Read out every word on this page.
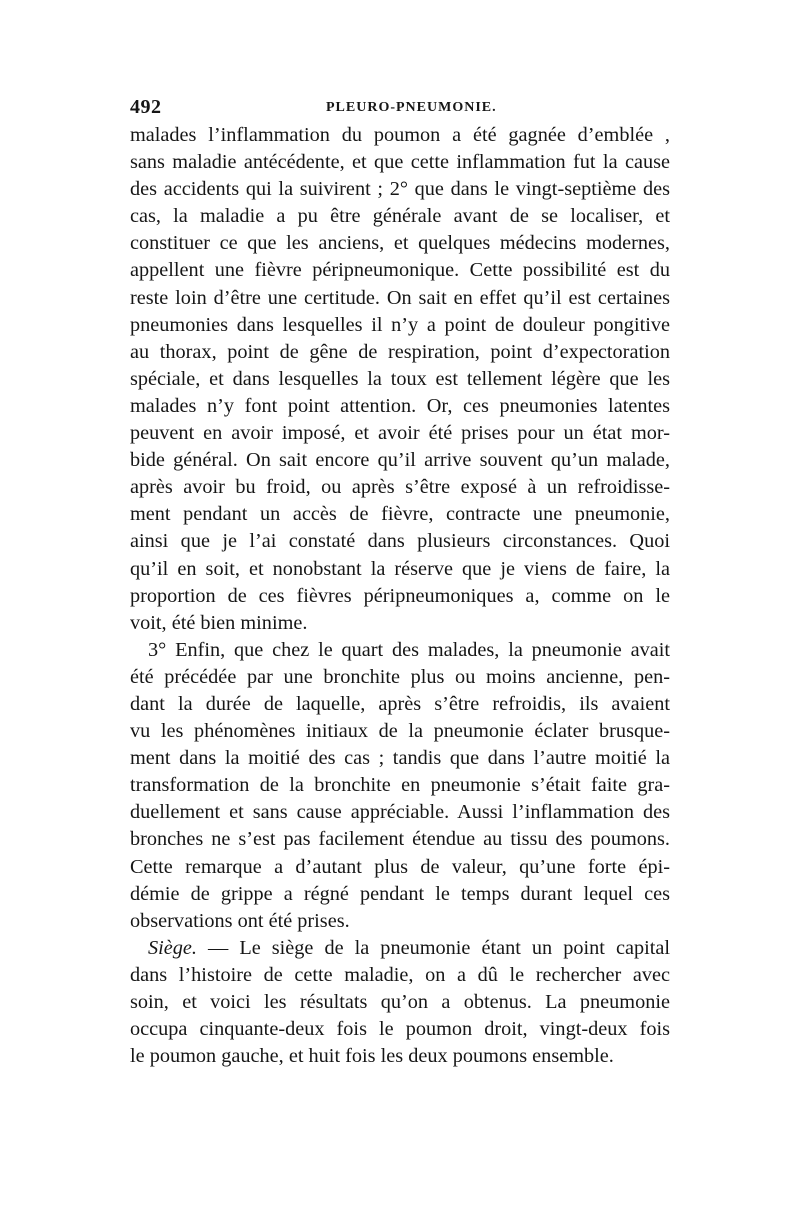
492	PLEURO-PNEUMONIE.

malades l’inflammation du poumon a été gagnée d’emblée ,
sans maladie antécédente, et que cette inflammation fut la cause
des accidents qui la suivirent ; 2° que dans le vingt-septième des
cas, la maladie a pu être générale avant de se localiser, et
constituer ce que les anciens, et quelques médecins modernes,
appellent une fièvre péripneumonique. Cette possibilité est du
reste loin d’être une certitude. On sait en effet qu’il est certaines
pneumonies dans lesquelles il n’y a point de douleur pongitive
au thorax, point de gêne de respiration, point d’expectoration
spéciale, et dans lesquelles la toux est tellement légère que les
malades n’y font point attention. Or, ces pneumonies latentes
peuvent en avoir imposé, et avoir été prises pour un état mor-
bide général. On sait encore qu’il arrive souvent qu’un malade,
après avoir bu froid, ou après s’être exposé à un refroidisse-
ment pendant un accès de fièvre, contracte une pneumonie,
ainsi que je l’ai constaté dans plusieurs circonstances. Quoi
qu’il en soit, et nonobstant la réserve que je viens de faire, la
proportion de ces fièvres péripneumoniques a, comme on le
voit, été bien minime.

3° Enfin, que chez le quart des malades, la pneumonie avait
été précédée par une bronchite plus ou moins ancienne, pen-
dant la durée de laquelle, après s’être refroidis, ils avaient
vu les phénomènes initiaux de la pneumonie éclater brusque-
ment dans la moitié des cas ; tandis que dans l’autre moitié la
transformation de la bronchite en pneumonie s’était faite gra-
duellement et sans cause appréciable. Aussi l’inflammation des
bronches ne s’est pas facilement étendue au tissu des poumons.
Cette remarque a d’autant plus de valeur, qu’une forte épi-
démie de grippe a régné pendant le temps durant lequel ces
observations ont été prises.

Siège. — Le siège de la pneumonie étant un point capital
dans l’histoire de cette maladie, on a dû le rechercher avec
soin, et voici les résultats qu’on a obtenus. La pneumonie
occupa cinquante-deux fois le poumon droit, vingt-deux fois
le poumon gauche, et huit fois les deux poumons ensemble.
